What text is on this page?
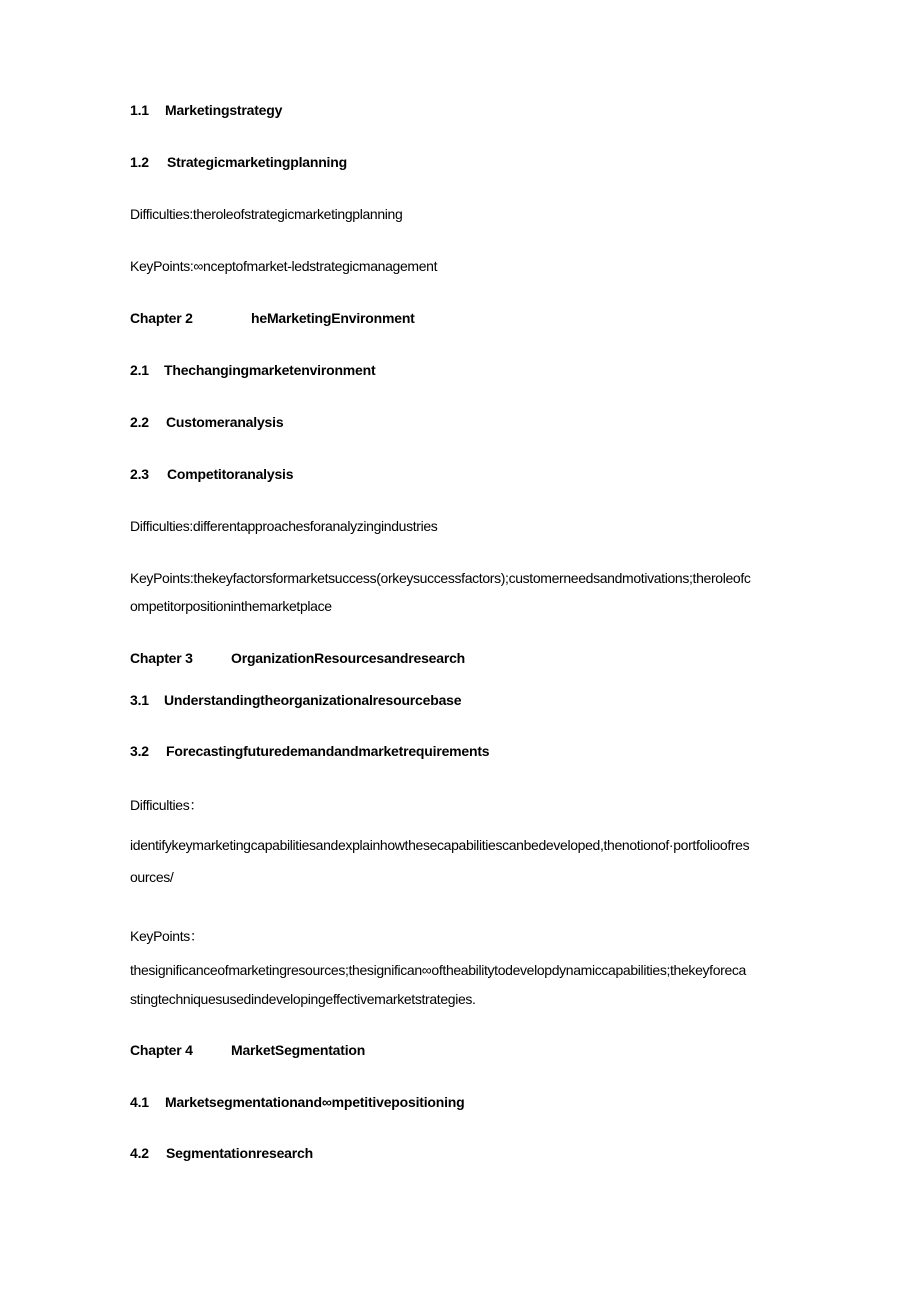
1.1 Marketingstrategy
1.2 Strategicmarketingplanning
Difficulties:theroleofstrategicmarketingplanning
KeyPoints:∞nceptofmarket-ledstrategicmanagement
Chapter 2	heMarketingEnvironment
2.1 Thechangingmarketenvironment
2.2 Customeranalysis
2.3 Competitoranalysis
Difficulties:differentapproachesforanalyzingindustries
KeyPoints:thekeyfactorsformarketsuccess(orkeysuccessfactors);customerneedsandmotivations;theroleofc
ompetitorpositioninthemarketplace
Chapter 3	OrganizationResourcesandresearch
3.1 Understandingtheorganizationalresourcebase
3.2 Forecastingfuturedemandandmarketrequirements
Difficulties：
identifykeymarketingcapabilitiesandexplainhowthesecapabilitiescanbedeveloped,thenotionof·portfolioofres
ources/
KeyPoints：
thesignificanceofmarketingresources;thesignifican∞oftheabilitytodevelopdynamiccapabilities;thekeyforeca
stingtechniquesusedindevelopingeffectivemarketstrategies.
Chapter 4	MarketSegmentation
4.1 Marketsegmentationand∞mpetitivepositioning
4.2 Segmentationresearch
